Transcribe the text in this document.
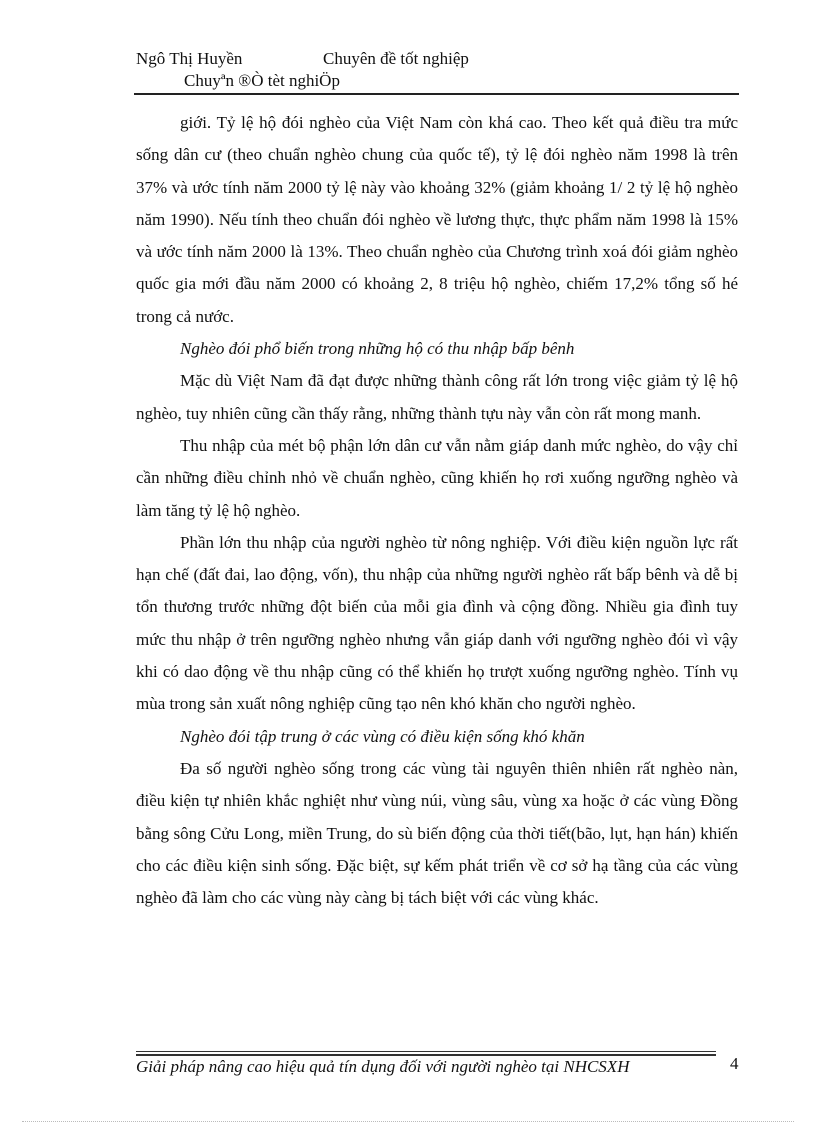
Ngô Thị Huyền	Chuyên đề tốt nghiệp
Chuyªn ®Ò tèt nghiÖp

giới. Tỷ lệ hộ đói nghèo của Việt Nam còn khá cao. Theo kết quả điều tra mức sống dân cư (theo chuẩn nghèo chung của quốc tế), tỷ lệ đói nghèo năm 1998 là trên 37% và ước tính năm 2000 tỷ lệ này vào khoảng 32% (giảm khoảng 1/ 2 tỷ lệ hộ nghèo năm 1990). Nếu tính theo chuẩn đói nghèo về lương thực, thực phẩm năm 1998 là 15% và ước tính năm 2000 là 13%. Theo chuẩn nghèo của Chương trình xoá đói giảm nghèo quốc gia mới đầu năm 2000 có khoảng 2, 8 triệu hộ nghèo, chiếm 17,2% tổng số hé trong cả nước.

Nghèo đói phổ biến trong những hộ có thu nhập bấp bênh

Mặc dù Việt Nam đã đạt được những thành công rất lớn trong việc giảm tỷ lệ hộ nghèo, tuy nhiên cũng cần thấy rằng, những thành tựu này vẫn còn rất mong manh.

Thu nhập của mét bộ phận lớn dân cư vẫn nằm giáp danh mức nghèo, do vậy chỉ cần những điều chỉnh nhỏ về chuẩn nghèo, cũng khiến họ rơi xuống ngưỡng nghèo và làm tăng tỷ lệ hộ nghèo.

Phần lớn thu nhập của người nghèo từ nông nghiệp. Với điều kiện nguồn lực rất hạn chế (đất đai, lao động, vốn), thu nhập của những người nghèo rất bấp bênh và dễ bị tổn thương trước những đột biến của mỗi gia đình và cộng đồng. Nhiều gia đình tuy mức thu nhập ở trên ngưỡng nghèo nhưng vẫn giáp danh với ngưỡng nghèo đói vì vậy khi có dao động về thu nhập cũng có thể khiến họ trượt xuống ngưỡng nghèo. Tính vụ mùa trong sản xuất nông nghiệp cũng tạo nên khó khăn cho người nghèo.

Nghèo đói tập trung ở các vùng có điều kiện sống khó khăn

Đa số người nghèo sống trong các vùng tài nguyên thiên nhiên rất nghèo nàn, điều kiện tự nhiên khắc nghiệt như vùng núi, vùng sâu, vùng xa hoặc ở các vùng Đồng bằng sông Cửu Long, miền Trung, do sù biến động của thời tiết(bão, lụt, hạn hán) khiến cho các điều kiện sinh sống. Đặc biệt, sự kếm phát triển về cơ sở hạ tầng của các vùng nghèo đã làm cho các vùng này càng bị tách biệt với các vùng khác.

Giải pháp nâng cao hiệu quả tín dụng đối với người nghèo tại NHCSXH	4
